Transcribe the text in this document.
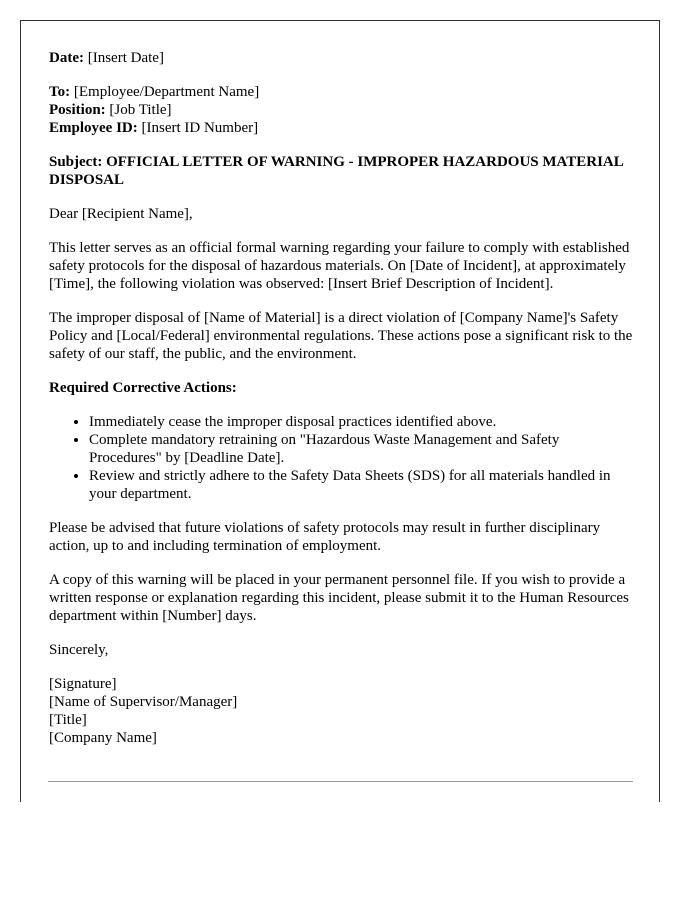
Date: [Insert Date]

To: [Employee/Department Name]
Position: [Job Title]
Employee ID: [Insert ID Number]

Subject: OFFICIAL LETTER OF WARNING - IMPROPER HAZARDOUS MATERIAL DISPOSAL

Dear [Recipient Name],

This letter serves as an official formal warning regarding your failure to comply with established safety protocols for the disposal of hazardous materials. On [Date of Incident], at approximately [Time], the following violation was observed: [Insert Brief Description of Incident].

The improper disposal of [Name of Material] is a direct violation of [Company Name]'s Safety Policy and [Local/Federal] environmental regulations. These actions pose a significant risk to the safety of our staff, the public, and the environment.

Required Corrective Actions:

• Immediately cease the improper disposal practices identified above.
• Complete mandatory retraining on "Hazardous Waste Management and Safety Procedures" by [Deadline Date].
• Review and strictly adhere to the Safety Data Sheets (SDS) for all materials handled in your department.

Please be advised that future violations of safety protocols may result in further disciplinary action, up to and including termination of employment.

A copy of this warning will be placed in your permanent personnel file. If you wish to provide a written response or explanation regarding this incident, please submit it to the Human Resources department within [Number] days.

Sincerely,

[Signature]
[Name of Supervisor/Manager]
[Title]
[Company Name]
